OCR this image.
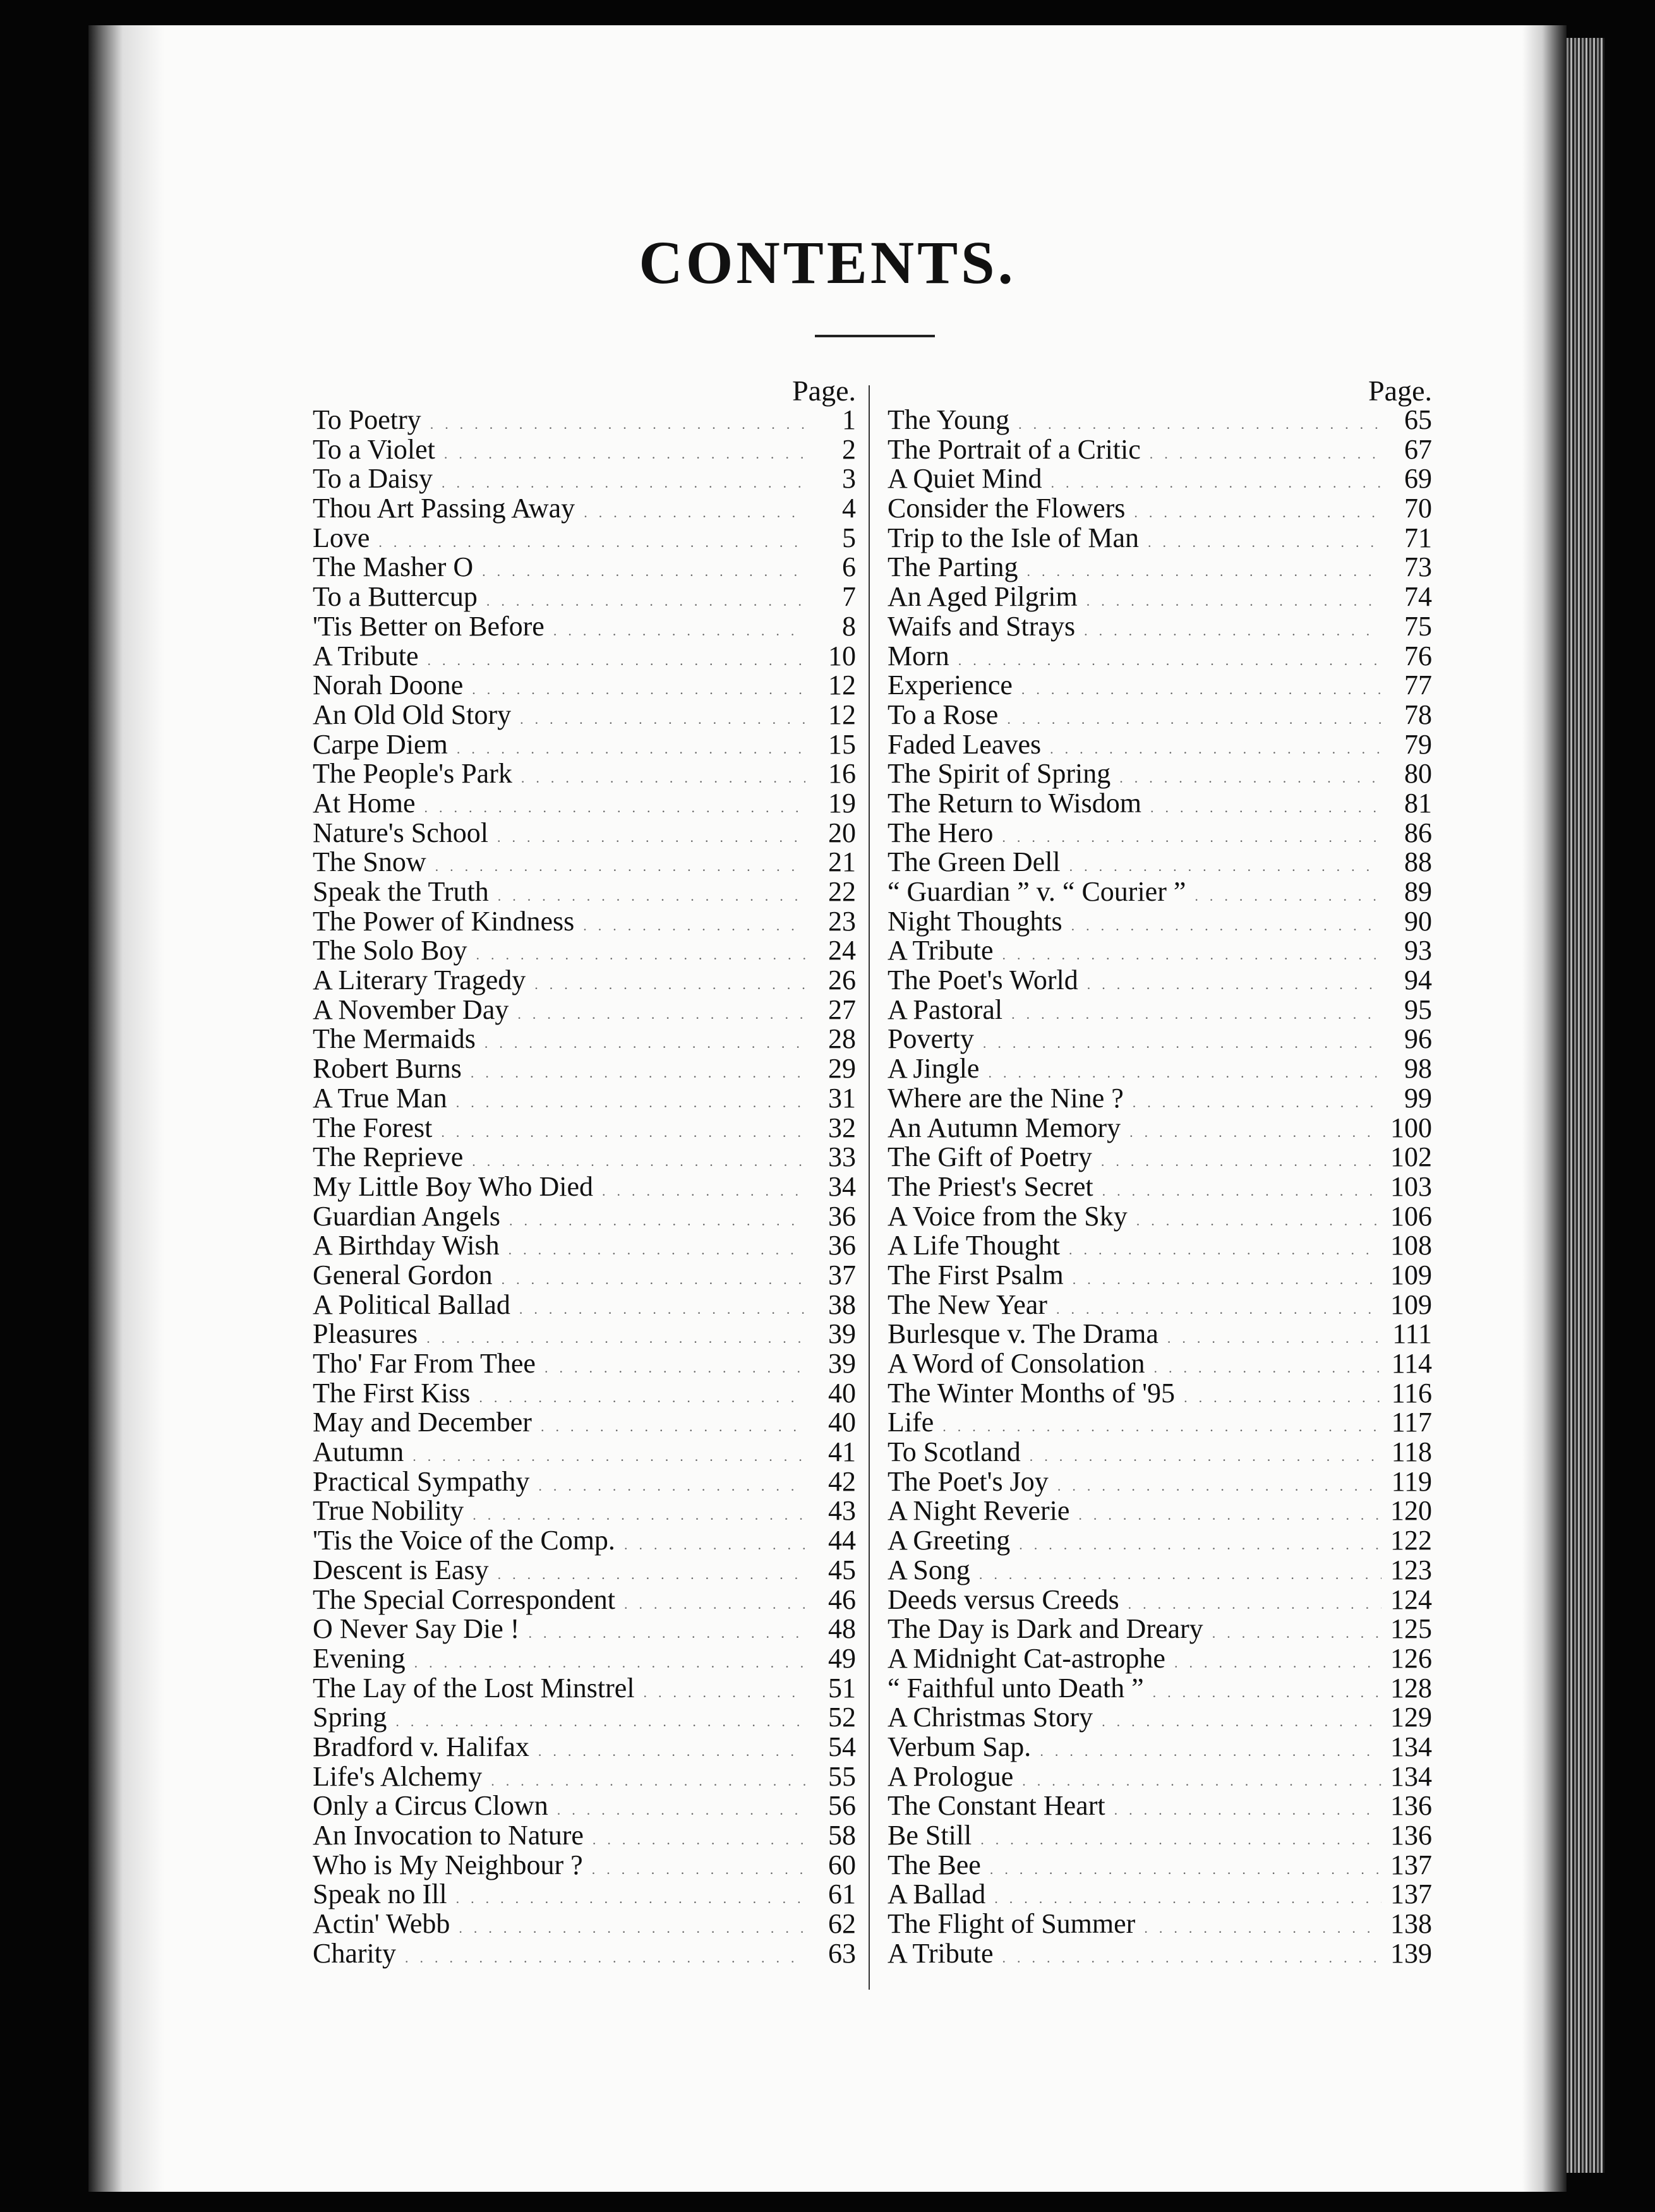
CONTENTS.
Page.	Page.
To Poetry .....	1
To a Violet .....	2
To a Daisy .....	3
Thou Art Passing Away .....	4
Love .....	5
The Masher O .....	6
To a Buttercup .....	7
'Tis Better on Before .....	8
A Tribute .....	10
Norah Doone .....	12
An Old Old Story .....	12
Carpe Diem .....	15
The People's Park .....	16
At Home .....	19
Nature's School .....	20
The Snow .....	21
Speak the Truth .....	22
The Power of Kindness .....	23
The Solo Boy .....	24
A Literary Tragedy .....	26
A November Day .....	27
The Mermaids .....	28
Robert Burns .....	29
A True Man .....	31
The Forest .....	32
The Reprieve .....	33
My Little Boy Who Died .....	34
Guardian Angels .....	36
A Birthday Wish .....	36
General Gordon .....	37
A Political Ballad .....	38
Pleasures .....	39
Tho' Far From Thee .....	39
The First Kiss .....	40
May and December .....	40
Autumn .....	41
Practical Sympathy .....	42
True Nobility .....	43
'Tis the Voice of the Comp. .....	44
Descent is Easy .....	45
The Special Correspondent .....	46
O Never Say Die ! .....	48
Evening .....	49
The Lay of the Lost Minstrel .....	51
Spring .....	52
Bradford v. Halifax .....	54
Life's Alchemy .....	55
Only a Circus Clown .....	56
An Invocation to Nature .....	58
Who is My Neighbour ? .....	60
Speak no Ill .....	61
Actin' Webb .....	62
Charity .....	63
The Young .....	65
The Portrait of a Critic .....	67
A Quiet Mind .....	69
Consider the Flowers .....	70
Trip to the Isle of Man .....	71
The Parting .....	73
An Aged Pilgrim .....	74
Waifs and Strays .....	75
Morn .....	76
Experience .....	77
To a Rose .....	78
Faded Leaves .....	79
The Spirit of Spring .....	80
The Return to Wisdom .....	81
The Hero .....	86
The Green Dell .....	88
“ Guardian ” v. “ Courier ” .....	89
Night Thoughts .....	90
A Tribute .....	93
The Poet's World .....	94
A Pastoral .....	95
Poverty .....	96
A Jingle .....	98
Where are the Nine ? .....	99
An Autumn Memory .....	100
The Gift of Poetry .....	102
The Priest's Secret .....	103
A Voice from the Sky .....	106
A Life Thought .....	108
The First Psalm .....	109
The New Year .....	109
Burlesque v. The Drama .....	111
A Word of Consolation .....	114
The Winter Months of '95 .....	116
Life .....	117
To Scotland .....	118
The Poet's Joy .....	119
A Night Reverie .....	120
A Greeting .....	122
A Song .....	123
Deeds versus Creeds .....	124
The Day is Dark and Dreary .....	125
A Midnight Cat-astrophe .....	126
“ Faithful unto Death ” .....	128
A Christmas Story .....	129
Verbum Sap. .....	134
A Prologue .....	134
The Constant Heart .....	136
Be Still .....	136
The Bee .....	137
A Ballad .....	137
The Flight of Summer .....	138
A Tribute .....	139
